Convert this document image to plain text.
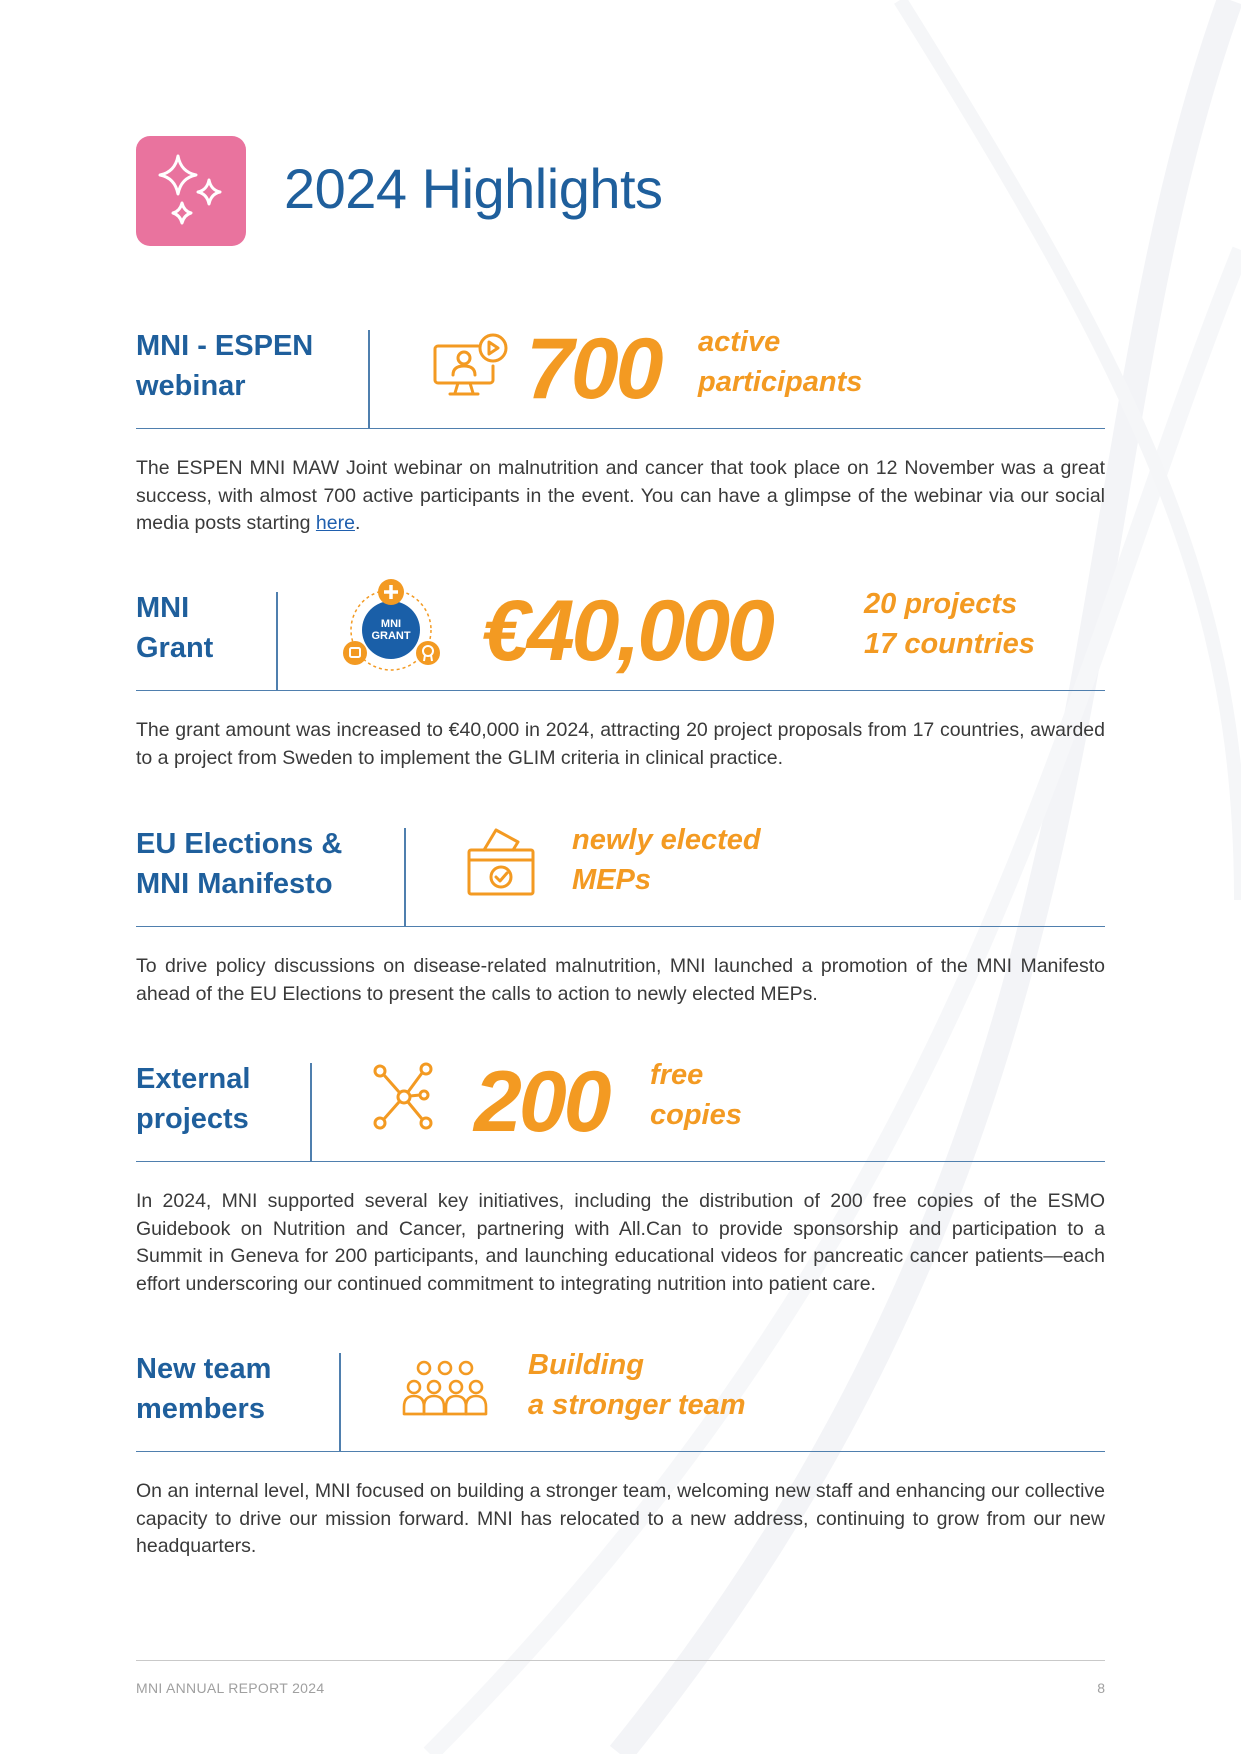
2024 Highlights
MNI - ESPEN
webinar	700 active
participants

The ESPEN MNI MAW Joint webinar on malnutrition and cancer that took place on 12 November was a great success, with almost 700 active participants in the event. You can have a glimpse of the webinar via our social media posts starting here.

MNI
Grant
MNI
GRANT €40,000	20 projects
17 countries

The grant amount was increased to €40,000 in 2024, attracting 20 project proposals from 17 countries, awarded to a project from Sweden to implement the GLIM criteria in clinical practice.

EU Elections &
MNI Manifesto
newly elected
MEPs

To drive policy discussions on disease-related malnutrition, MNI launched a promotion of the MNI Manifesto ahead of the EU Elections to present the calls to action to newly elected MEPs.

External
projects	200 free
copies

In 2024, MNI supported several key initiatives, including the distribution of 200 free copies of the ESMO Guidebook on Nutrition and Cancer, partnering with All.Can to provide sponsorship and participation to a Summit in Geneva for 200 participants, and launching educational videos for pancreatic cancer patients—each effort underscoring our continued commitment to integrating nutrition into patient care.

New team
members
Building
a stronger team

On an internal level, MNI focused on building a stronger team, welcoming new staff and enhancing our collective capacity to drive our mission forward. MNI has relocated to a new address, continuing to grow from our new headquarters.

MNI ANNUAL REPORT 2024	8
